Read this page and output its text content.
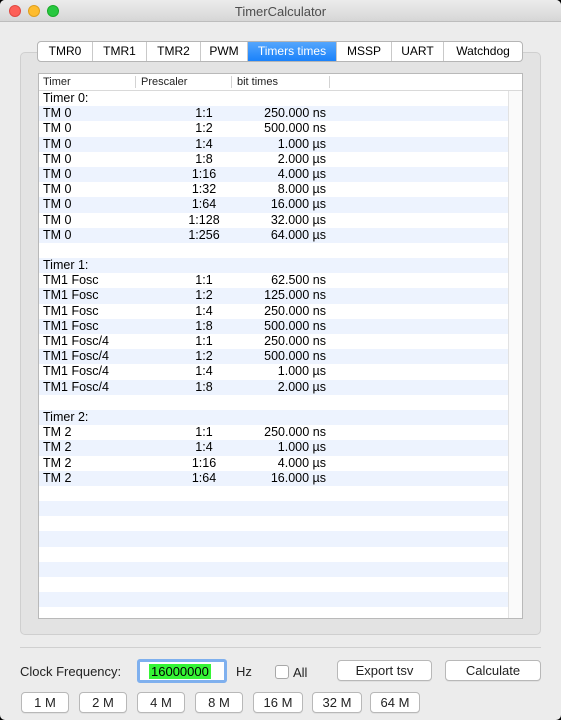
TimerCalculator
TMR0	TMR1	TMR2	PWM	Timers times	MSSP	UART	Watchdog
Timer	Prescaler	bit times
Timer 0:
TM 0	1:1	250.000 ns
TM 0	1:2	500.000 ns
TM 0	1:4	1.000 µs
TM 0	1:8	2.000 µs
TM 0	1:16	4.000 µs
TM 0	1:32	8.000 µs
TM 0	1:64	16.000 µs
TM 0	1:128	32.000 µs
TM 0	1:256	64.000 µs
Timer 1:
TM1 Fosc	1:1	62.500 ns
TM1 Fosc	1:2	125.000 ns
TM1 Fosc	1:4	250.000 ns
TM1 Fosc	1:8	500.000 ns
TM1 Fosc/4	1:1	250.000 ns
TM1 Fosc/4	1:2	500.000 ns
TM1 Fosc/4	1:4	1.000 µs
TM1 Fosc/4	1:8	2.000 µs
Timer 2:
TM 2	1:1	250.000 ns
TM 2	1:4	1.000 µs
TM 2	1:16	4.000 µs
TM 2	1:64	16.000 µs
Clock Frequency: 16000000 Hz	All	Export tsv	Calculate
1 M	2 M	4 M	8 M	16 M	32 M	64 M
